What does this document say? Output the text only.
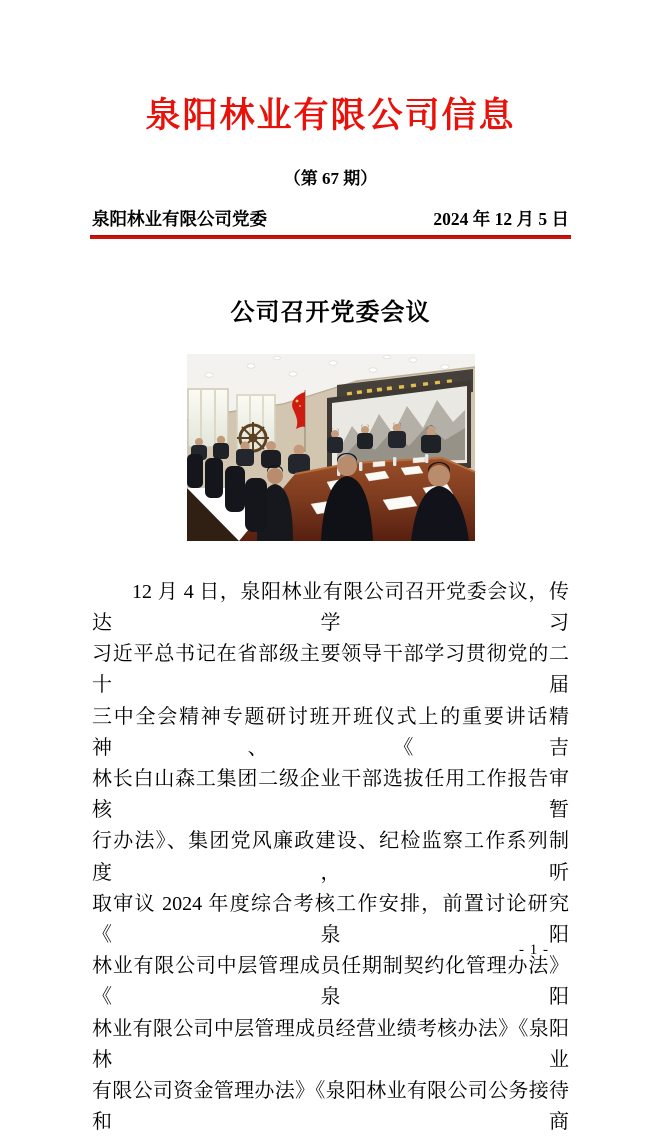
泉阳林业有限公司信息
（第 67 期）
泉阳林业有限公司党委	2024 年 12 月 5 日
公司召开党委会议
12 月 4 日，泉阳林业有限公司召开党委会议，传达学习
习近平总书记在省部级主要领导干部学习贯彻党的二十届
三中全会精神专题研讨班开班仪式上的重要讲话精神、《吉
林长白山森工集团二级企业干部选拔任用工作报告审核暂
行办法》、集团党风廉政建设、纪检监察工作系列制度，听
取审议 2024 年度综合考核工作安排，前置讨论研究《泉阳
林业有限公司中层管理成员任期制契约化管理办法》《泉阳
林业有限公司中层管理成员经营业绩考核办法》《泉阳林业
有限公司资金管理办法》《泉阳林业有限公司公务接待和商
- 1 -
